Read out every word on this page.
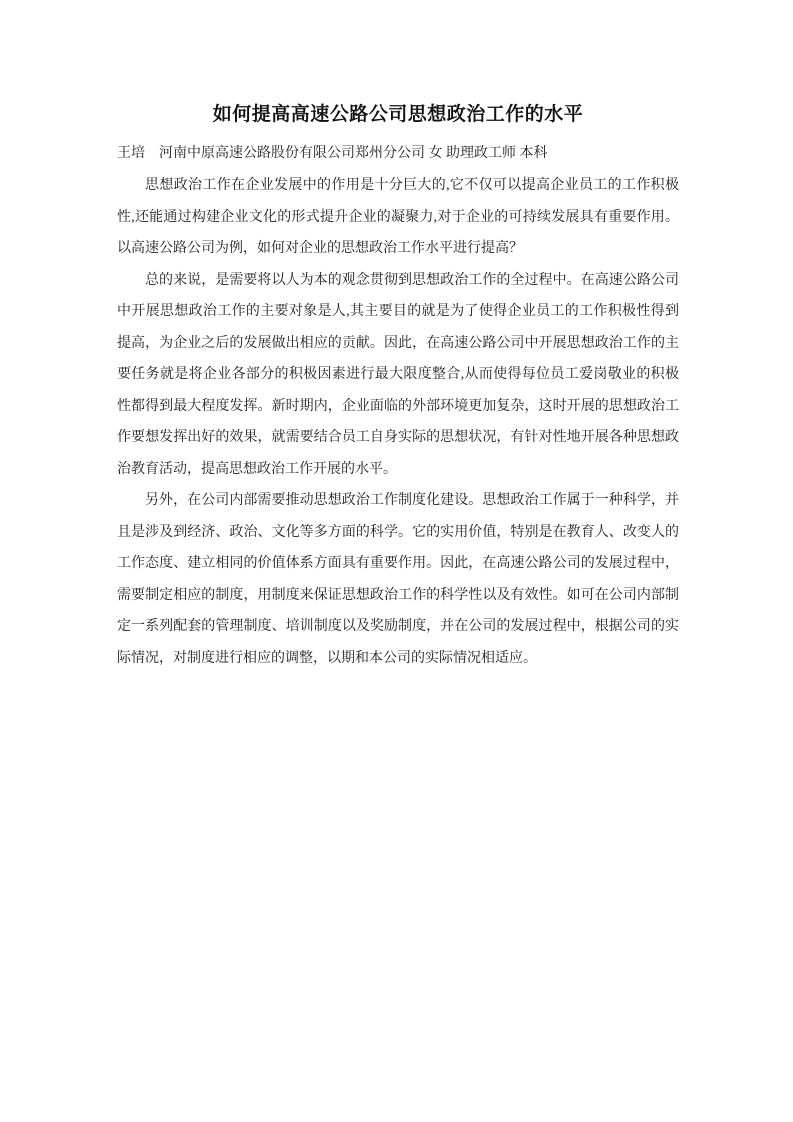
如何提高高速公路公司思想政治工作的水平
王培　河南中原高速公路股份有限公司郑州分公司 女 助理政工师 本科

思想政治工作在企业发展中的作用是十分巨大的,它不仅可以提高企业员工的工作积极
性,还能通过构建企业文化的形式提升企业的凝聚力,对于企业的可持续发展具有重要作用。
以高速公路公司为例，如何对企业的思想政治工作水平进行提高？

总的来说，是需要将以人为本的观念贯彻到思想政治工作的全过程中。在高速公路公司
中开展思想政治工作的主要对象是人,其主要目的就是为了使得企业员工的工作积极性得到
提高，为企业之后的发展做出相应的贡献。因此，在高速公路公司中开展思想政治工作的主
要任务就是将企业各部分的积极因素进行最大限度整合,从而使得每位员工爱岗敬业的积极
性都得到最大程度发挥。新时期内，企业面临的外部环境更加复杂，这时开展的思想政治工
作要想发挥出好的效果，就需要结合员工自身实际的思想状况，有针对性地开展各种思想政
治教育活动，提高思想政治工作开展的水平。

另外，在公司内部需要推动思想政治工作制度化建设。思想政治工作属于一种科学，并
且是涉及到经济、政治、文化等多方面的科学。它的实用价值，特别是在教育人、改变人的
工作态度、建立相同的价值体系方面具有重要作用。因此，在高速公路公司的发展过程中，
需要制定相应的制度，用制度来保证思想政治工作的科学性以及有效性。如可在公司内部制
定一系列配套的管理制度、培训制度以及奖励制度，并在公司的发展过程中，根据公司的实
际情况，对制度进行相应的调整，以期和本公司的实际情况相适应。
